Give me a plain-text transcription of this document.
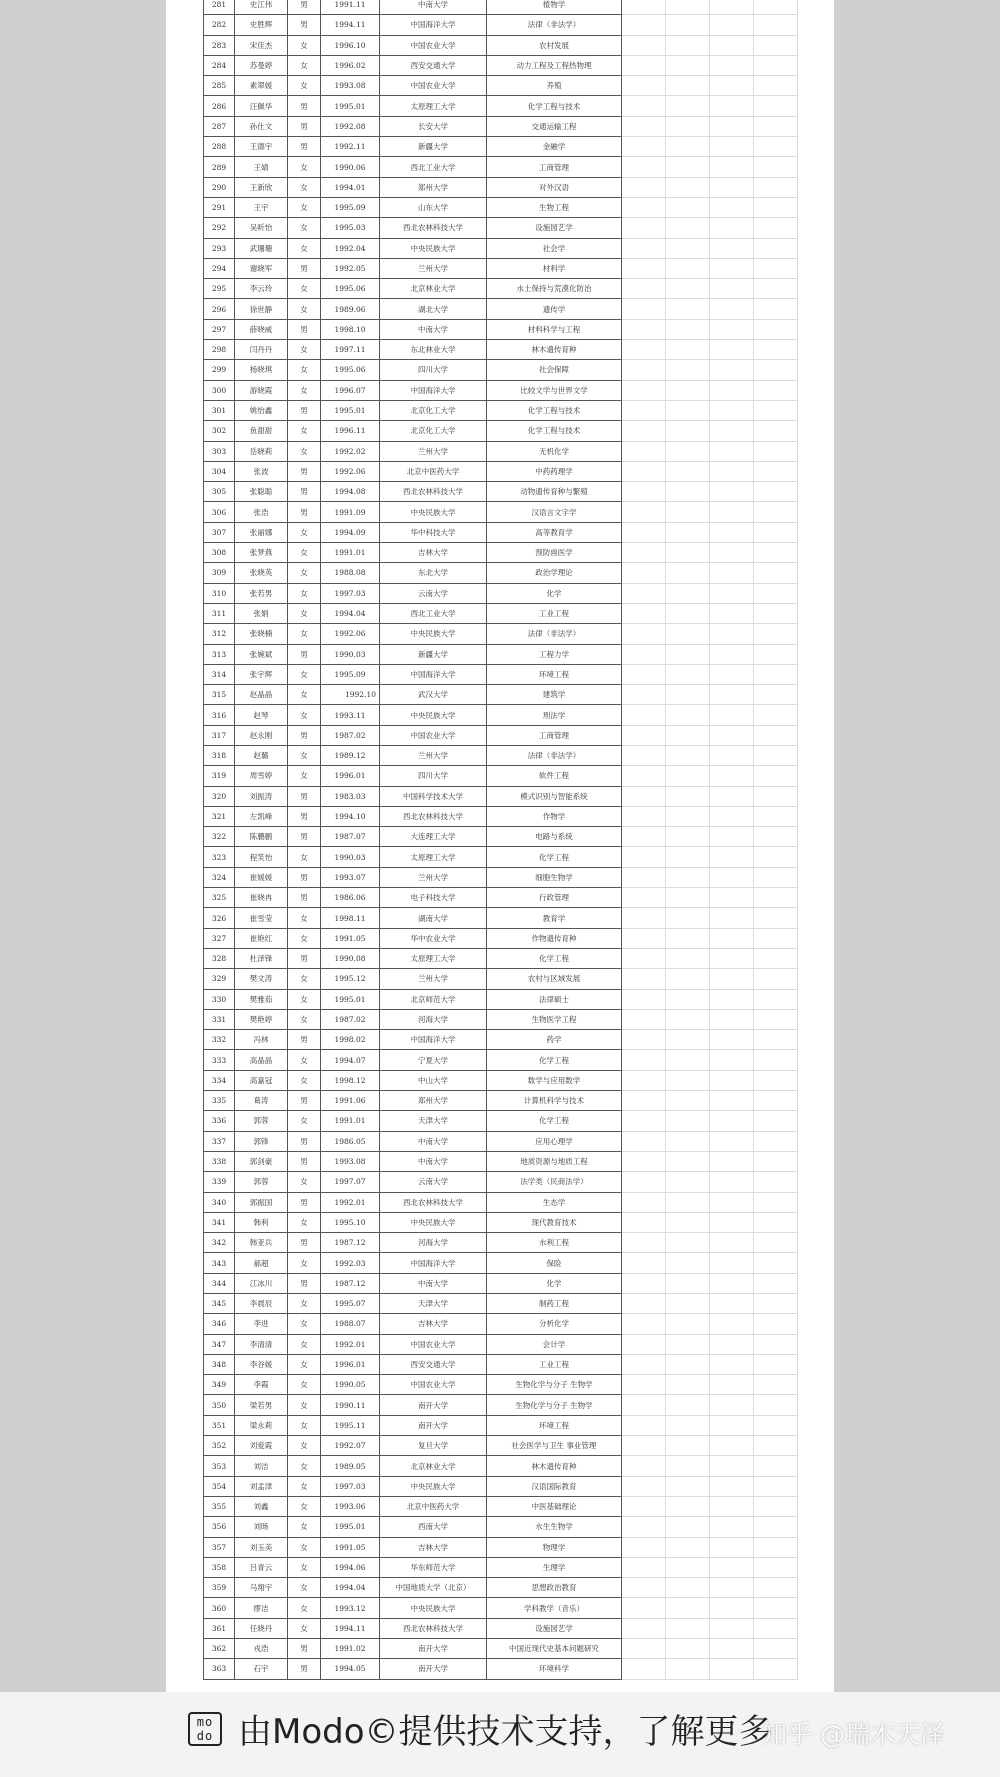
281	史江伟	男	1991.11	中南大学	植物学				
282	史胜辉	男	1994.11	中国海洋大学	法律（非法学）				
283	宋佳杰	女	1996.10	中国农业大学	农村发展				
284	苏曼婷	女	1996.02	西安交通大学	动力工程及工程热物理				
285	素翠媛	女	1993.08	中国农业大学	养殖				
286	汪佩华	男	1995.01	太原理工大学	化学工程与技术				
287	孙仕文	男	1992.08	长安大学	交通运输工程				
288	王德宇	男	1992.11	新疆大学	金融学				
289	王婧	女	1990.06	西北工业大学	工商管理				
290	王新欣	女	1994.01	郑州大学	对外汉语				
291	王宇	女	1995.09	山东大学	生物工程				
292	吴昕怡	女	1995.03	西北农林科技大学	设施园艺学				
293	武珊珊	女	1992.04	中央民族大学	社会学				
294	谢晓军	男	1992.05	兰州大学	材料学				
295	李云玲	女	1995.06	北京林业大学	水土保持与荒漠化防治				
296	徐世静	女	1989.06	湖北大学	遗传学				
297	薛晓威	男	1998.10	中南大学	材料科学与工程				
298	闫丹丹	女	1997.11	东北林业大学	林木遗传育种				
299	杨晓琪	女	1995.06	四川大学	社会保障				
300	游晓霞	女	1996.07	中国海洋大学	比较文学与世界文学				
301	姚怡鑫	男	1995.01	北京化工大学	化学工程与技术				
302	鱼甜甜	女	1996.11	北京化工大学	化学工程与技术				
303	岳晓莉	女	1992.02	兰州大学	无机化学				
304	张波	男	1992.06	北京中医药大学	中药药理学				
305	张聪聪	男	1994.08	西北农林科技大学	动物遗传育种与繁殖				
306	张浩	男	1991.09	中央民族大学	汉语言文字学				
307	张丽娜	女	1994.09	华中科技大学	高等教育学				
308	张梦燕	女	1991.01	吉林大学	预防兽医学				
309	张晓英	女	1988.08	东北大学	政治学理论				
310	张若男	女	1997.03	云南大学	化学				
311	张娟	女	1994.04	西北工业大学	工业工程				
312	张晓楠	女	1992.06	中央民族大学	法律（非法学）				
313	张婉斌	男	1990.03	新疆大学	工程力学				
314	张宇辉	女	1995.09	中国海洋大学	环境工程				
315	赵晶晶	女	1992.10	武汉大学	建筑学				
316	赵琴	女	1993.11	中央民族大学	刑法学				
317	赵永刚	男	1987.02	中国农业大学	工商管理				
318	赵璐	女	1989.12	兰州大学	法律（非法学）				
319	周雪婷	女	1996.01	四川大学	软件工程				
320	刘振涛	男	1983.03	中国科学技术大学	模式识别与智能系统				
321	左凯峰	男	1994.10	西北农林科技大学	作物学				
322	陈鹏鹏	男	1987.07	大连理工大学	电路与系统				
323	程笑怡	女	1990.03	太原理工大学	化学工程				
324	崔媛媛	男	1993.07	兰州大学	细胞生物学				
325	崔晓冉	男	1986.06	电子科技大学	行政管理				
326	崔雪莹	女	1998.11	湖南大学	教育学				
327	崔艳红	女	1991.05	华中农业大学	作物遗传育种				
328	杜泽锋	男	1990.08	太原理工大学	化学工程				
329	樊文涛	女	1995.12	兰州大学	农村与区域发展				
330	樊雅茹	女	1995.01	北京师范大学	法律硕士				
331	樊艳婷	女	1987.02	河海大学	生物医学工程				
332	冯林	男	1998.02	中国海洋大学	药学				
333	高晶晶	女	1994.07	宁夏大学	化学工程				
334	高嘉冠	女	1998.12	中山大学	数学与应用数学				
335	葛涛	男	1991.06	郑州大学	计算机科学与技术				
336	郭蓉	女	1991.01	天津大学	化学工程				
337	郭锋	男	1986.05	中南大学	应用心理学				
338	郭剑豪	男	1993.08	中南大学	地质资源与地质工程				
339	郭蓉	女	1997.07	云南大学	法学类（民商法学）				
340	郭振国	男	1992.01	西北农林科技大学	生态学				
341	韩利	女	1995.10	中央民族大学	现代教育技术				
342	韩亚兵	男	1987.12	河海大学	水利工程				
343	郝超	女	1992.03	中国海洋大学	保险				
344	江冰川	男	1987.12	中南大学	化学				
345	李晨辰	女	1995.07	天津大学	制药工程				
346	李进	女	1988.07	吉林大学	分析化学				
347	李清清	女	1992.01	中国农业大学	会计学				
348	李谷媛	女	1996.01	西安交通大学	工业工程				
349	李霞	女	1990.05	中国农业大学	生物化学与分子 生物学				
350	梁若男	女	1990.11	南开大学	生物化学与分子 生物学				
351	梁永莉	女	1995.11	南开大学	环境工程				
352	刘爱霞	女	1992.07	复旦大学	社会医学与卫生 事业管理				
353	刘洁	女	1989.05	北京林业大学	林木遗传育种				
354	刘孟津	女	1997.03	中央民族大学	汉语国际教育				
355	刘鑫	女	1993.06	北京中医药大学	中医基础理论				
356	刘旸	女	1995.01	西南大学	水生生物学				
357	刘玉美	女	1991.05	吉林大学	物理学				
358	吕青云	女	1994.06	华东师范大学	生理学				
359	马翔宇	女	1994.04	中国地质大学（北京）	思想政治教育				
360	缪洁	女	1993.12	中央民族大学	学科教学（音乐）				
361	任晓丹	女	1994.11	西北农林科技大学	设施园艺学				
362	戎浩	男	1991.02	南开大学	中国近现代史基本问题研究				
363	石宇	男	1994.05	南开大学	环境科学				
mo do 由Modo©提供技术支持，了解更多
知乎 @瑞木天泽
